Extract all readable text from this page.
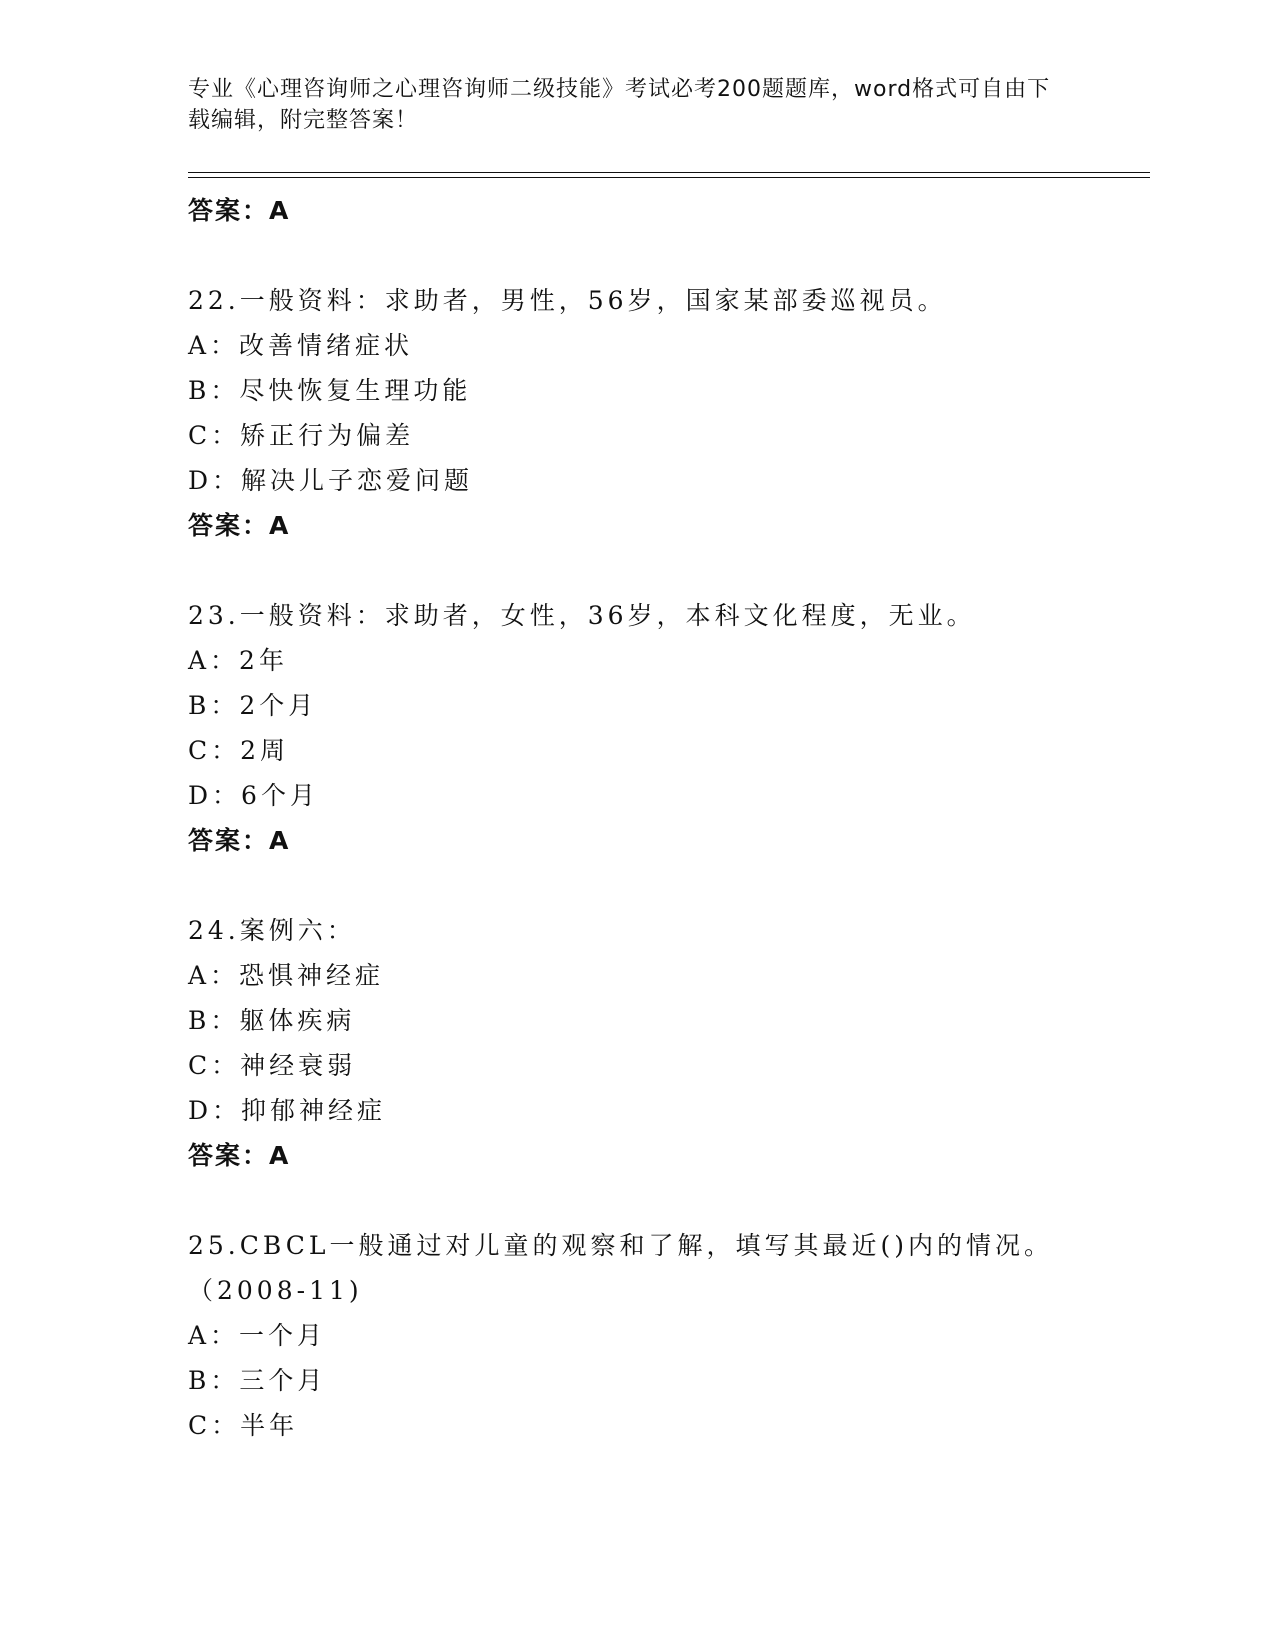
专业《心理咨询师之心理咨询师二级技能》考试必考200题题库，word格式可自由下载编辑，附完整答案！
答案：A
22.一般资料：求助者，男性，56岁，国家某部委巡视员。
A：改善情绪症状
B：尽快恢复生理功能
C：矫正行为偏差
D：解决儿子恋爱问题
答案：A
23.一般资料：求助者，女性，36岁，本科文化程度，无业。
A：2年
B：2个月
C：2周
D：6个月
答案：A
24.案例六：
A：恐惧神经症
B：躯体疾病
C：神经衰弱
D：抑郁神经症
答案：A
25.CBCL一般通过对儿童的观察和了解，填写其最近()内的情况。（2008-11)
A：一个月
B：三个月
C：半年
